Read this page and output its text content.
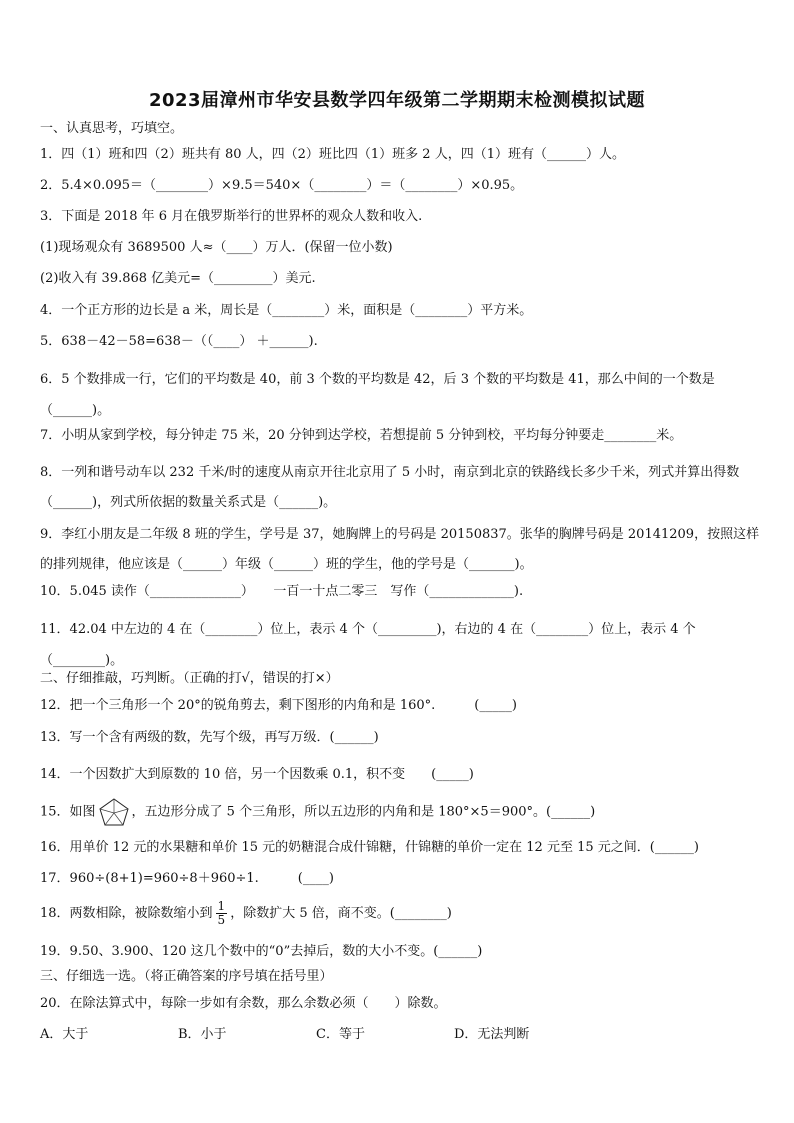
2023届漳州市华安县数学四年级第二学期期末检测模拟试题
一、认真思考，巧填空。
1．四（1）班和四（2）班共有 80 人，四（2）班比四（1）班多 2 人，四（1）班有（______）人。
2．5.4×0.095＝（________）×9.5＝540×（________）＝（________）×0.95。
3．下面是 2018 年 6 月在俄罗斯举行的世界杯的观众人数和收入.
(1)现场观众有 3689500 人≈（____）万人．(保留一位小数)
(2)收入有 39.868 亿美元=（_________）美元.
4．一个正方形的边长是 a 米，周长是（________）米，面积是（________）平方米。
5．638－42－58=638－（（____） ＋______).
6．5 个数排成一行，它们的平均数是 40，前 3 个数的平均数是 42，后 3 个数的平均数是 41，那么中间的一个数是（______)。
7．小明从家到学校，每分钟走 75 米，20 分钟到达学校，若想提前 5 分钟到校，平均每分钟要走________米。
8．一列和谐号动车以 232 千米/时的速度从南京开往北京用了 5 小时，南京到北京的铁路线长多少千米，列式并算出得数（______)，列式所依据的数量关系式是（______)。
9．李红小朋友是二年级 8 班的学生，学号是 37，她胸牌上的号码是 20150837。张华的胸牌号码是 20141209，按照这样的排列规律，他应该是（______）年级（______）班的学生，他的学号是（_______)。
10．5.045 读作（______________）　　一百一十点二零三　写作（_____________).
11．42.04 中左边的 4 在（________）位上，表示 4 个（_________)，右边的 4 在（________）位上，表示 4 个（________)。
二、仔细推敲，巧判断。（正确的打√，错误的打×）
12．把一个三角形一个 20°的锐角剪去，剩下图形的内角和是 160°.　　　(_____)
13．写一个含有两级的数，先写个级，再写万级．(______)
14．一个因数扩大到原数的 10 倍，另一个因数乘 0.1，积不变　　(_____)
15．如图	，五边形分成了 5 个三角形，所以五边形的内角和是 180°×5＝900°。(______)
16．用单价 12 元的水果糖和单价 15 元的奶糖混合成什锦糖，什锦糖的单价一定在 12 元至 15 元之间．(______)
17．960÷(8+1)=960÷8＋960÷1.　　　(____)
18．两数相除，被除数缩小到 $\frac{1}{5}$ ，除数扩大 5 倍，商不变。(________)
19．9.50、3.900、120 这几个数中的“0”去掉后，数的大小不变。(______)
三、仔细选一选。（将正确答案的序号填在括号里）
20．在除法算式中，每除一步如有余数，那么余数必须（　　）除数。
A．大于	B．小于	C．等于	D．无法判断
